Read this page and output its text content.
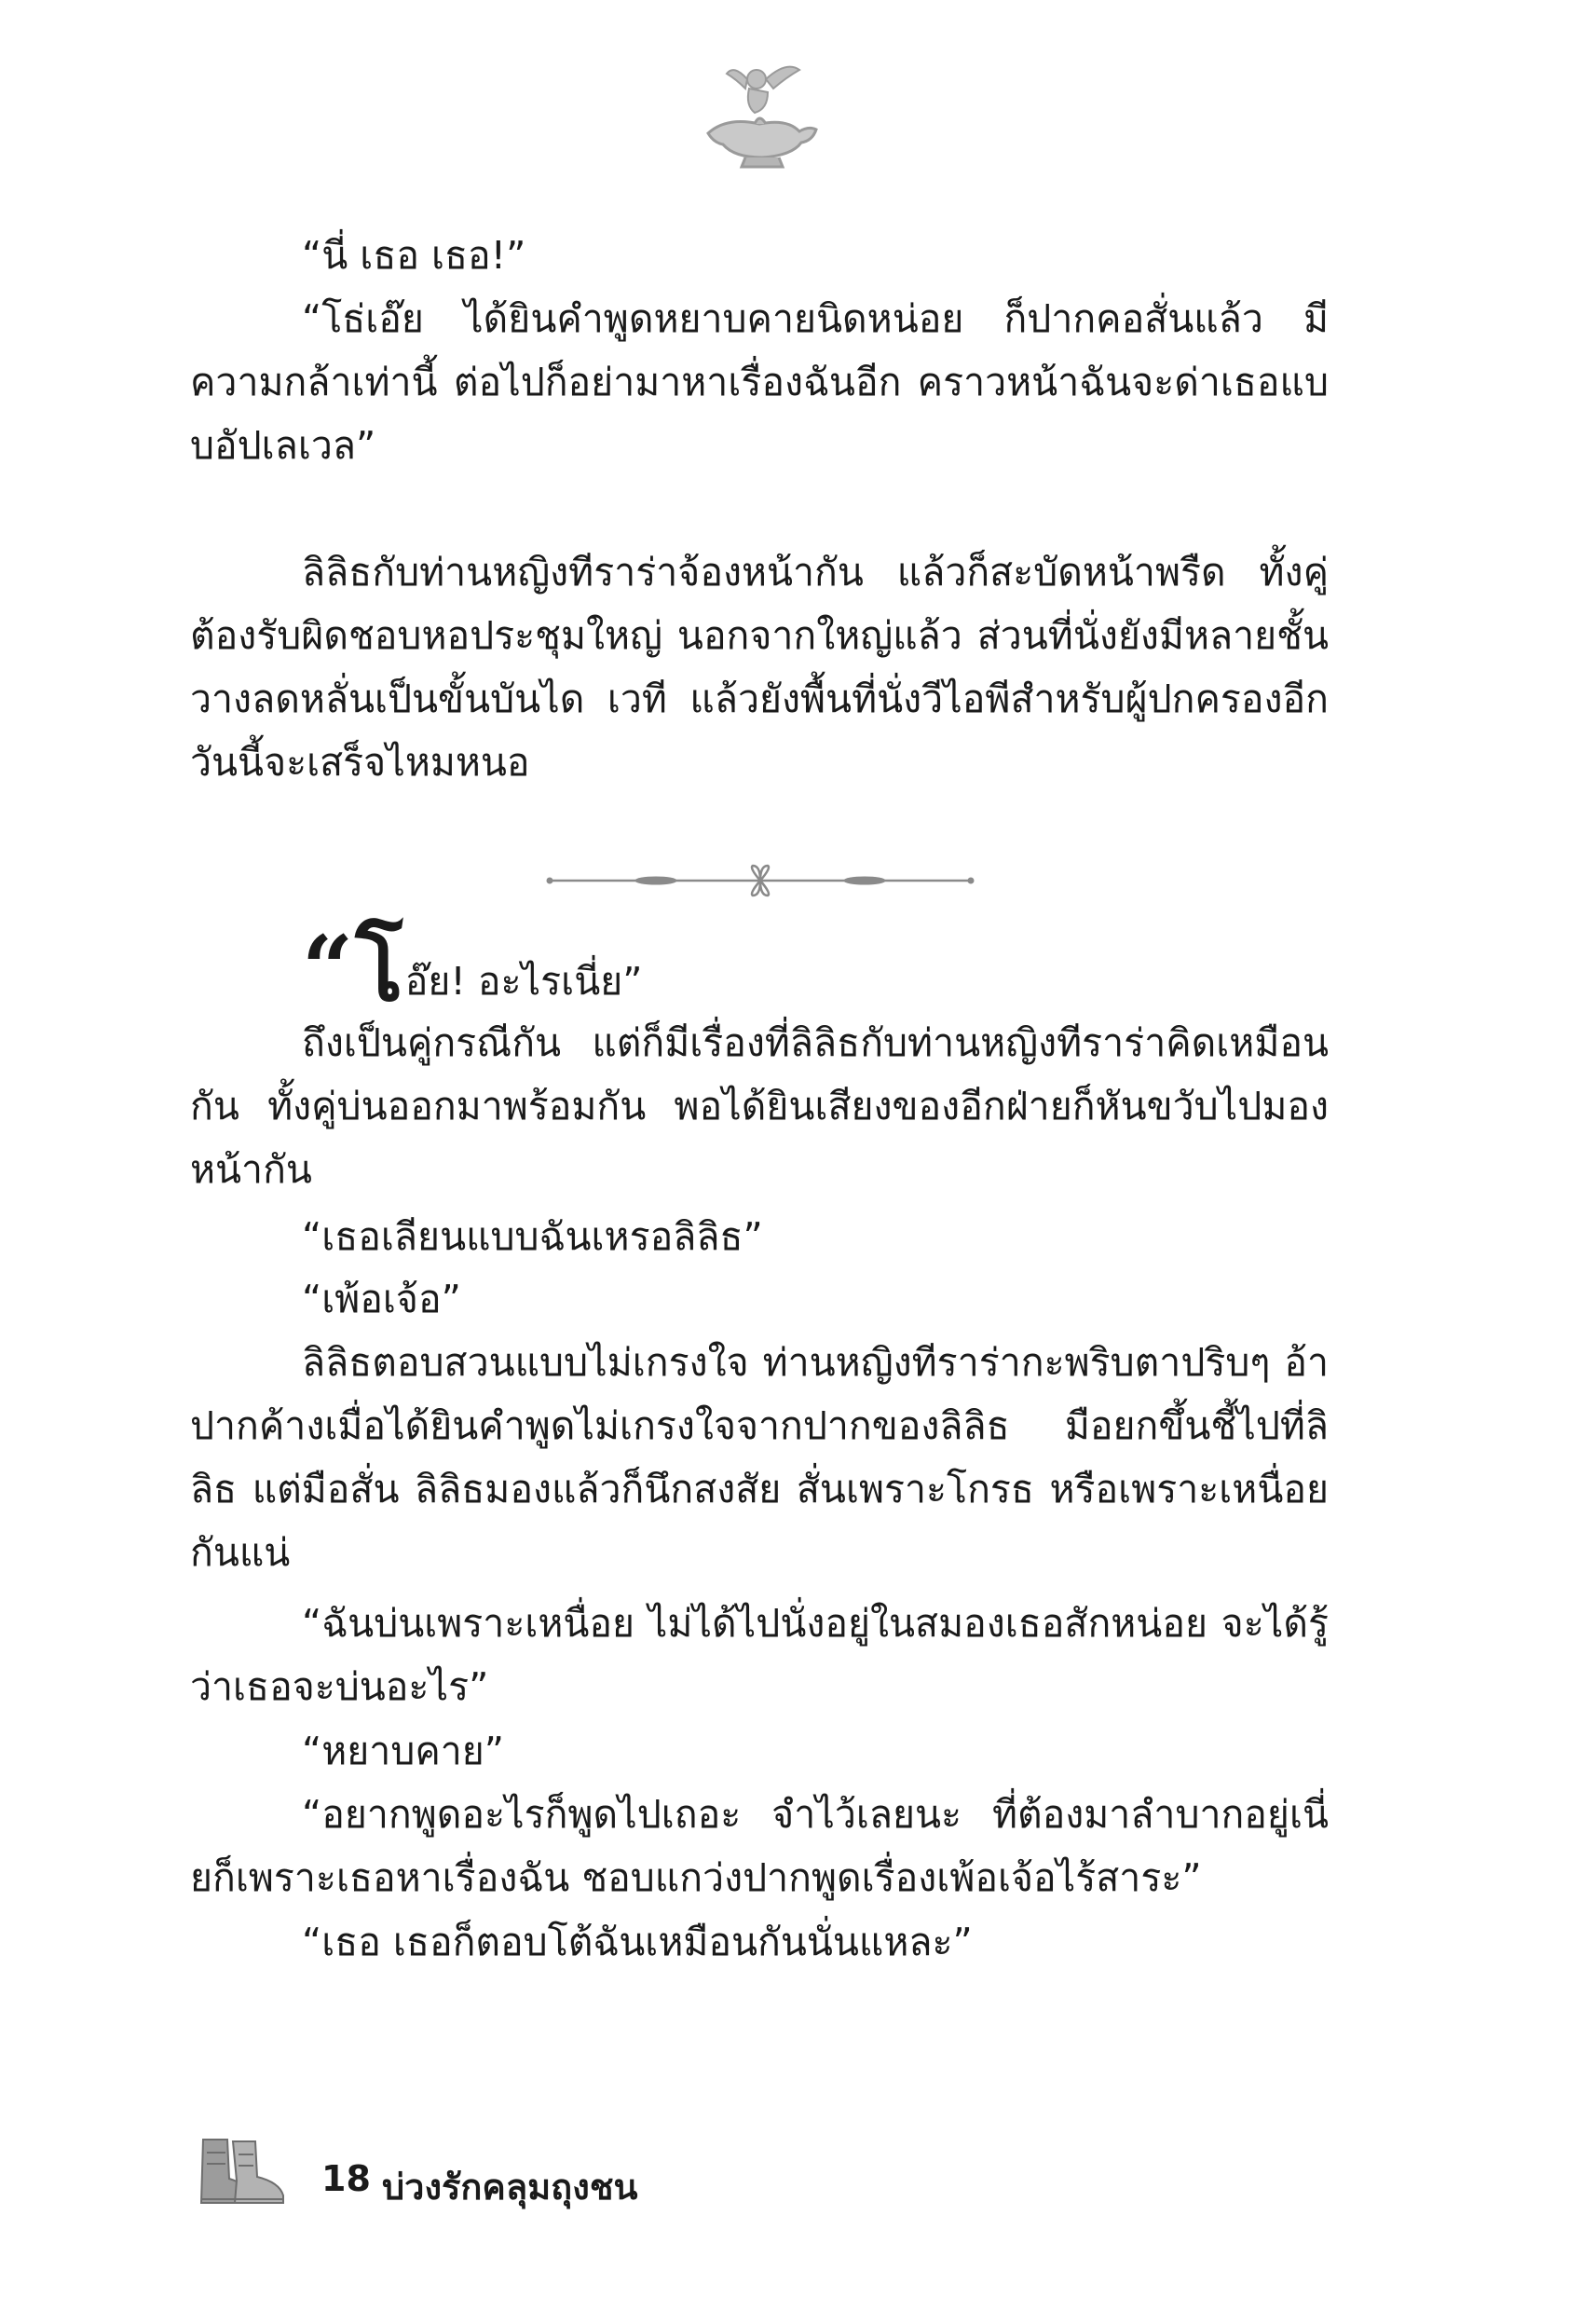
“นี่ เธอ เธอ!”

“โธ่เอ๊ย ได้ยินคำพูดหยาบคายนิดหน่อย ก็ปากคอสั่นแล้ว มีความกล้าเท่านี้ ต่อไปก็อย่ามาหาเรื่องฉันอีก คราวหน้าฉันจะด่าเธอแบบอัปเลเวล”

ลิลิธกับท่านหญิงทีราร่าจ้องหน้ากัน แล้วก็สะบัดหน้าพรืด ทั้งคู่ต้องรับผิดชอบหอประชุมใหญ่ นอกจากใหญ่แล้ว ส่วนที่นั่งยังมีหลายชั้นวางลดหลั่นเป็นขั้นบันได เวที แล้วยังพื้นที่นั่งวีไอพีสำหรับผู้ปกครองอีก วันนี้จะเสร็จไหมหนอ

“โอ๊ย! อะไรเนี่ย”

ถึงเป็นคู่กรณีกัน แต่ก็มีเรื่องที่ลิลิธกับท่านหญิงทีราร่าคิดเหมือนกัน ทั้งคู่บ่นออกมาพร้อมกัน พอได้ยินเสียงของอีกฝ่ายก็หันขวับไปมองหน้ากัน

“เธอเลียนแบบฉันเหรอลิลิธ”

“เพ้อเจ้อ”

ลิลิธตอบสวนแบบไม่เกรงใจ ท่านหญิงทีราร่ากะพริบตาปริบๆ อ้าปากค้างเมื่อได้ยินคำพูดไม่เกรงใจจากปากของลิลิธ มือยกขึ้นชี้ไปที่ลิลิธ แต่มือสั่น ลิลิธมองแล้วก็นึกสงสัย สั่นเพราะโกรธ หรือเพราะเหนื่อยกันแน่

“ฉันบ่นเพราะเหนื่อย ไม่ได้ไปนั่งอยู่ในสมองเธอสักหน่อย จะได้รู้ว่าเธอจะบ่นอะไร”

“หยาบคาย”

“อยากพูดอะไรก็พูดไปเถอะ จำไว้เลยนะ ที่ต้องมาลำบากอยู่เนี่ยก็เพราะเธอหาเรื่องฉัน ชอบแกว่งปากพูดเรื่องเพ้อเจ้อไร้สาระ”

“เธอ เธอก็ตอบโต้ฉันเหมือนกันนั่นแหละ”

18 บ่วงรักคลุมถุงชน
